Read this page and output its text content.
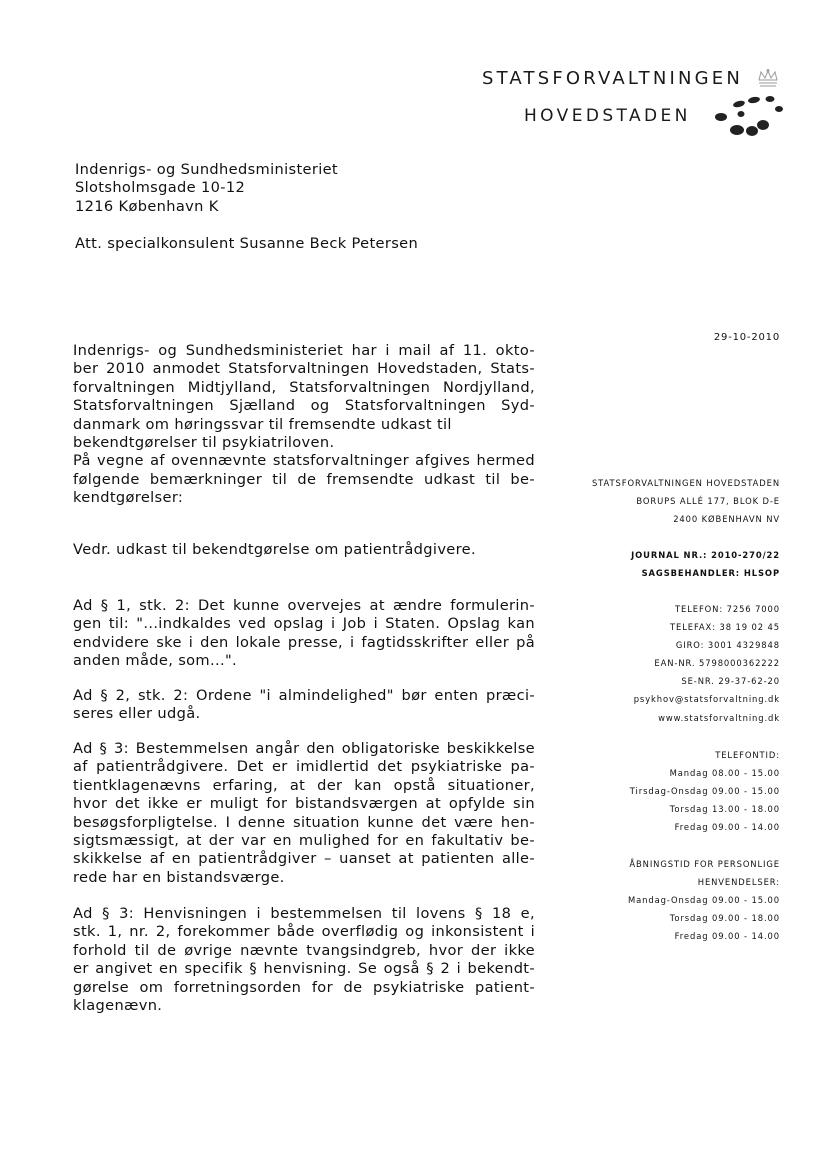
STATSFORVALTNINGEN
HOVEDSTADEN
Indenrigs- og Sundhedsministeriet
Slotsholmsgade 10-12
1216 København K
Att. specialkonsulent Susanne Beck Petersen
29-10-2010
Indenrigs- og Sundhedsministeriet har i mail af 11. okto-
ber 2010 anmodet Statsforvaltningen Hovedstaden, Stats-
forvaltningen Midtjylland, Statsforvaltningen Nordjylland,
Statsforvaltningen Sjælland og Statsforvaltningen Syd-
danmark om høringssvar til fremsendte udkast til
bekendtgørelser til psykiatriloven.
På vegne af ovennævnte statsforvaltninger afgives hermed
følgende bemærkninger til de fremsendte udkast til be-
kendtgørelser:
Vedr. udkast til bekendtgørelse om patientrådgivere.
Ad § 1, stk. 2: Det kunne overvejes at ændre formulerin-
gen til: "...indkaldes ved opslag i Job i Staten. Opslag kan
endvidere ske i den lokale presse, i fagtidsskrifter eller på
anden måde, som...".
Ad § 2, stk. 2: Ordene "i almindelighed" bør enten præci-
seres eller udgå.
Ad § 3: Bestemmelsen angår den obligatoriske beskikkelse
af patientrådgivere. Det er imidlertid det psykiatriske pa-
tientklagenævns erfaring, at der kan opstå situationer,
hvor det ikke er muligt for bistandsværgen at opfylde sin
besøgsforpligtelse. I denne situation kunne det være hen-
sigtsmæssigt, at der var en mulighed for en fakultativ be-
skikkelse af en patientrådgiver – uanset at patienten alle-
rede har en bistandsværge.
Ad § 3: Henvisningen i bestemmelsen til lovens § 18 e,
stk. 1, nr. 2, forekommer både overflødig og inkonsistent i
forhold til de øvrige nævnte tvangsindgreb, hvor der ikke
er angivet en specifik § henvisning. Se også § 2 i bekendt-
gørelse om forretningsorden for de psykiatriske patient-
klagenævn.
STATSFORVALTNINGEN HOVEDSTADEN
BORUPS ALLÉ 177, BLOK D-E
2400 KØBENHAVN NV
JOURNAL NR.: 2010-270/22
SAGSBEHANDLER: HLSOP
TELEFON: 7256 7000
TELEFAX: 38 19 02 45
GIRO: 3001 4329848
EAN-NR. 5798000362222
SE-NR. 29-37-62-20
psykhov@statsforvaltning.dk
www.statsforvaltning.dk
TELEFONTID:
Mandag 08.00 - 15.00
Tirsdag-Onsdag 09.00 - 15.00
Torsdag 13.00 - 18.00
Fredag 09.00 - 14.00
ÅBNINGSTID FOR PERSONLIGE
HENVENDELSER:
Mandag-Onsdag 09.00 - 15.00
Torsdag 09.00 - 18.00
Fredag 09.00 - 14.00
